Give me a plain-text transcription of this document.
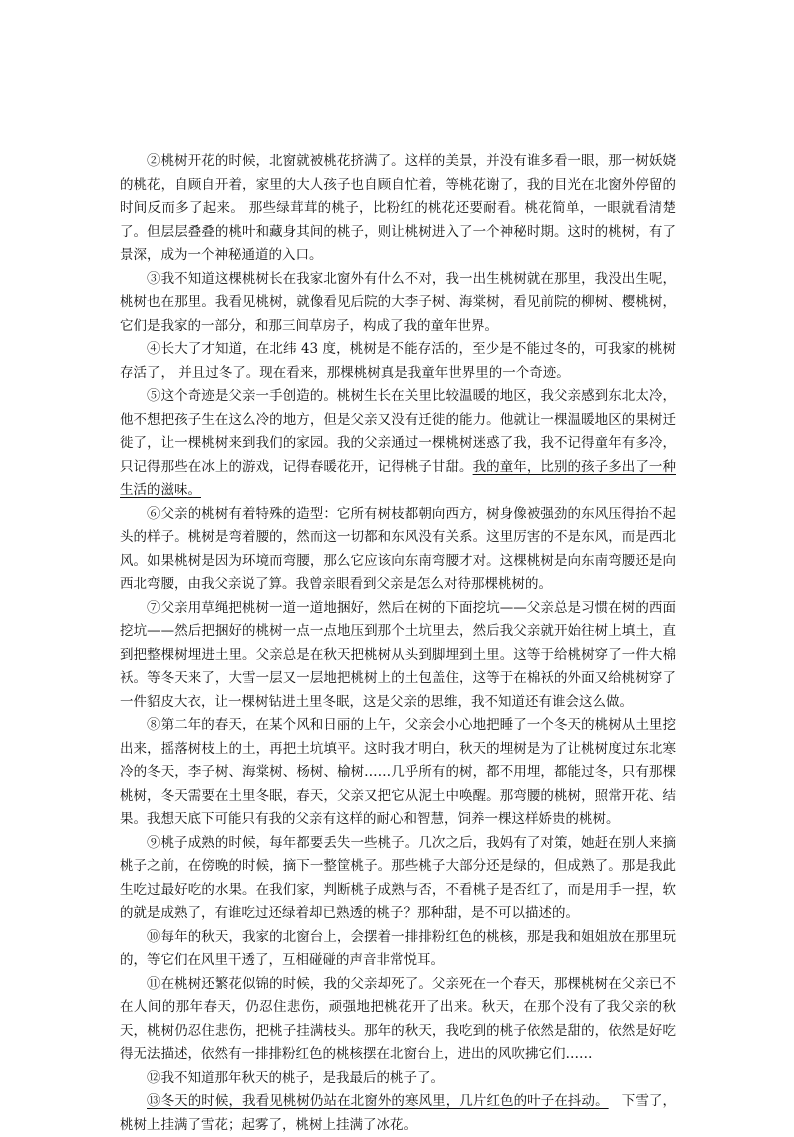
②桃树开花的时候，北窗就被桃花挤满了。这样的美景，并没有谁多看一眼，那一树妖娆的桃花，自顾自开着，家里的大人孩子也自顾自忙着，等桃花谢了，我的目光在北窗外停留的时间反而多了起来。 那些绿茸茸的桃子，比粉红的桃花还要耐看。桃花简单，一眼就看清楚了。但层层叠叠的桃叶和藏身其间的桃子，则让桃树进入了一个神秘时期。这时的桃树，有了景深，成为一个神秘通道的入口。

③我不知道这棵桃树长在我家北窗外有什么不对，我一出生桃树就在那里，我没出生呢，桃树也在那里。我看见桃树，就像看见后院的大李子树、海棠树，看见前院的柳树、樱桃树，它们是我家的一部分，和那三间草房子，构成了我的童年世界。

④长大了才知道，在北纬 43 度，桃树是不能存活的，至少是不能过冬的，可我家的桃树存活了， 并且过冬了。现在看来，那棵桃树真是我童年世界里的一个奇迹。

⑤这个奇迹是父亲一手创造的。桃树生长在关里比较温暖的地区，我父亲感到东北太冷，他不想把孩子生在这么冷的地方，但是父亲又没有迁徙的能力。他就让一棵温暖地区的果树迁徙了，让一棵桃树来到我们的家园。我的父亲通过一棵桃树迷惑了我，我不记得童年有多冷，只记得那些在冰上的游戏，记得春暖花开，记得桃子甘甜。我的童年，比别的孩子多出了一种生活的滋味。

⑥父亲的桃树有着特殊的造型：它所有树枝都朝向西方，树身像被强劲的东风压得抬不起头的样子。桃树是弯着腰的，然而这一切都和东风没有关系。这里厉害的不是东风，而是西北风。如果桃树是因为环境而弯腰，那么它应该向东南弯腰才对。这棵桃树是向东南弯腰还是向西北弯腰，由我父亲说了算。我曾亲眼看到父亲是怎么对待那棵桃树的。

⑦父亲用草绳把桃树一道一道地捆好，然后在树的下面挖坑——父亲总是习惯在树的西面挖坑——然后把捆好的桃树一点一点地压到那个土坑里去，然后我父亲就开始往树上填土，直到把整棵树埋进土里。父亲总是在秋天把桃树从头到脚埋到土里。这等于给桃树穿了一件大棉袄。等冬天来了，大雪一层又一层地把桃树上的土包盖住，这等于在棉袄的外面又给桃树穿了一件貂皮大衣，让一棵树钻进土里冬眠，这是父亲的思维，我不知道还有谁会这么做。

⑧第二年的春天，在某个风和日丽的上午，父亲会小心地把睡了一个冬天的桃树从土里挖出来，摇落树枝上的土，再把土坑填平。这时我才明白，秋天的埋树是为了让桃树度过东北寒冷的冬天，李子树、海棠树、杨树、榆树……几乎所有的树，都不用埋，都能过冬，只有那棵桃树，冬天需要在土里冬眠，春天，父亲又把它从泥土中唤醒。那弯腰的桃树，照常开花、结果。我想天底下可能只有我的父亲有这样的耐心和智慧，饲养一棵这样娇贵的桃树。

⑨桃子成熟的时候，每年都要丢失一些桃子。几次之后，我妈有了对策，她赶在别人来摘桃子之前，在傍晚的时候，摘下一整筐桃子。那些桃子大部分还是绿的，但成熟了。那是我此生吃过最好吃的水果。在我们家，判断桃子成熟与否，不看桃子是否红了，而是用手一捏，软的就是成熟了，有谁吃过还绿着却已熟透的桃子？那种甜，是不可以描述的。

⑩每年的秋天，我家的北窗台上，会摆着一排排粉红色的桃核，那是我和姐姐放在那里玩的，等它们在风里干透了，互相碰碰的声音非常悦耳。

⑪在桃树还繁花似锦的时候，我的父亲却死了。父亲死在一个春天，那棵桃树在父亲已不在人间的那年春天，仍忍住悲伤，顽强地把桃花开了出来。秋天，在那个没有了我父亲的秋天，桃树仍忍住悲伤，把桃子挂满枝头。那年的秋天，我吃到的桃子依然是甜的，依然是好吃得无法描述，依然有一排排粉红色的桃核摆在北窗台上，进出的风吹拂它们……

⑫我不知道那年秋天的桃子，是我最后的桃子了。

⑬冬天的时候，我看见桃树仍站在北窗外的寒风里，几片红色的叶子在抖动。 下雪了，桃树上挂满了雪花；起雾了，桃树上挂满了冰花。
